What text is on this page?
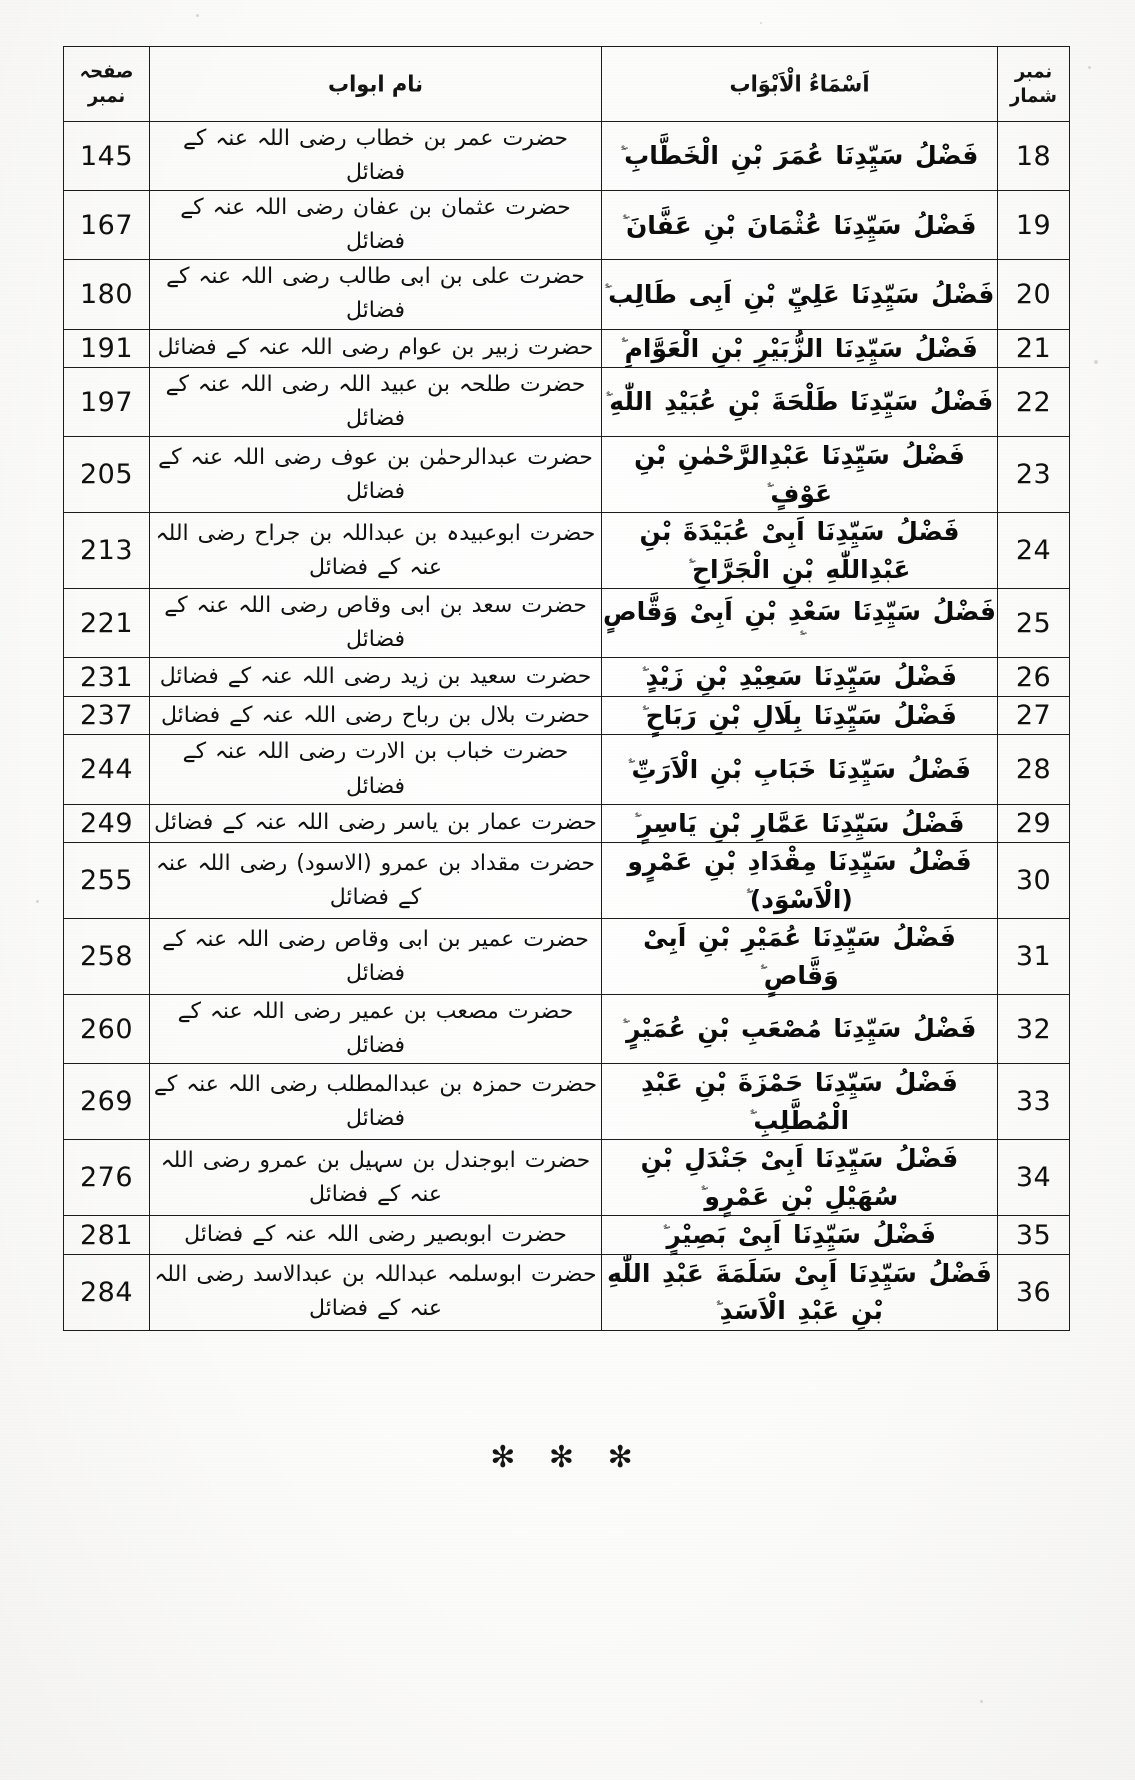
نمبر شمار	اَسْمَاءُ الْاَبْوَاب	نام ابواب	صفحہ نمبر
18	فَضْلُ سَيِّدِنَا عُمَرَ بْنِ الْخَطَّابِ ۖؐ	حضرت عمر بن خطاب رضی اللہ عنہ کے فضائل	145
19	فَضْلُ سَيِّدِنَا عُثْمَانَ بْنِ عَفَّانَ ۖؐ	حضرت عثمان بن عفان رضی اللہ عنہ کے فضائل	167
20	فَضْلُ سَيِّدِنَا عَلِيِّ بْنِ اَبِى طَالِب ۖؐ	حضرت علی بن ابی طالب رضی اللہ عنہ کے فضائل	180
21	فَضْلُ سَيِّدِنَا الزُّبَيْرِ بْنِ الْعَوَّامِ ۖؐ	حضرت زبیر بن عوام رضی اللہ عنہ کے فضائل	191
22	فَضْلُ سَيِّدِنَا طَلْحَةَ بْنِ عُبَيْدِ اللّٰهِ ۖؐ	حضرت طلحہ بن عبید اللہ رضی اللہ عنہ کے فضائل	197
23	فَضْلُ سَيِّدِنَا عَبْدِالرَّحْمٰنِ بْنِ عَوْفٍ ۖؐ	حضرت عبدالرحمٰن بن عوف رضی اللہ عنہ کے فضائل	205
24	فَضْلُ سَيِّدِنَا اَبِىْ عُبَيْدَةَ بْنِ عَبْدِاللّٰهِ بْنِ الْجَرَّاحِ ۖؐ	حضرت ابوعبیدہ بن عبداللہ بن جراح رضی اللہ عنہ کے فضائل	213
25	فَضْلُ سَيِّدِنَا سَعْدِ بْنِ اَبِىْ وَقَّاصٍ	حضرت سعد بن ابی وقاص رضی اللہ عنہ کے فضائل	221
26	فَضْلُ سَيِّدِنَا سَعِيْدِ بْنِ زَيْدٍ ۖؐ	حضرت سعید بن زید رضی اللہ عنہ کے فضائل	231
27	فَضْلُ سَيِّدِنَا بِلَالِ بْنِ رَبَاحٍ ۖؐ	حضرت بلال بن رباح رضی اللہ عنہ کے فضائل	237
28	فَضْلُ سَيِّدِنَا خَبَابِ بْنِ الْاَرَتِّ ۖؐ	حضرت خباب بن الارت رضی اللہ عنہ کے فضائل	244
29	فَضْلُ سَيِّدِنَا عَمَّارِ بْنِ يَاسِرٍ ۖؐ	حضرت عمار بن یاسر رضی اللہ عنہ کے فضائل	249
30	فَضْلُ سَيِّدِنَا مِقْدَادِ بْنِ عَمْرٍو (الْاَسْوَد) ۖؐ	حضرت مقداد بن عمرو (الاسود) رضی اللہ عنہ کے فضائل	255
31	فَضْلُ سَيِّدِنَا عُمَيْرِ بْنِ اَبِىْ وَقَّاصٍ ۖؐ	حضرت عمیر بن ابی وقاص رضی اللہ عنہ کے فضائل	258
32	فَضْلُ سَيِّدِنَا مُصْعَبِ بْنِ عُمَيْرٍ ۖؐ	حضرت مصعب بن عمیر رضی اللہ عنہ کے فضائل	260
33	فَضْلُ سَيِّدِنَا حَمْزَةَ بْنِ عَبْدِ الْمُطَّلِبِ ۖؐ	حضرت حمزہ بن عبدالمطلب رضی اللہ عنہ کے فضائل	269
34	فَضْلُ سَيِّدِنَا اَبِىْ جَنْدَلِ بْنِ سُهَيْلِ بْنِ عَمْرٍو ۖؐ	حضرت ابوجندل بن سہیل بن عمرو رضی اللہ عنہ کے فضائل	276
35	فَضْلُ سَيِّدِنَا اَبِىْ بَصِيْرٍ ۖؐ	حضرت ابوبصیر رضی اللہ عنہ کے فضائل	281
36	فَضْلُ سَيِّدِنَا اَبِىْ سَلَمَةَ عَبْدِ اللّٰهِ بْنِ عَبْدِ الْاَسَدِ ۖؐ	حضرت ابوسلمہ عبداللہ بن عبدالاسد رضی اللہ عنہ کے فضائل	284
✻ ✻ ✻
